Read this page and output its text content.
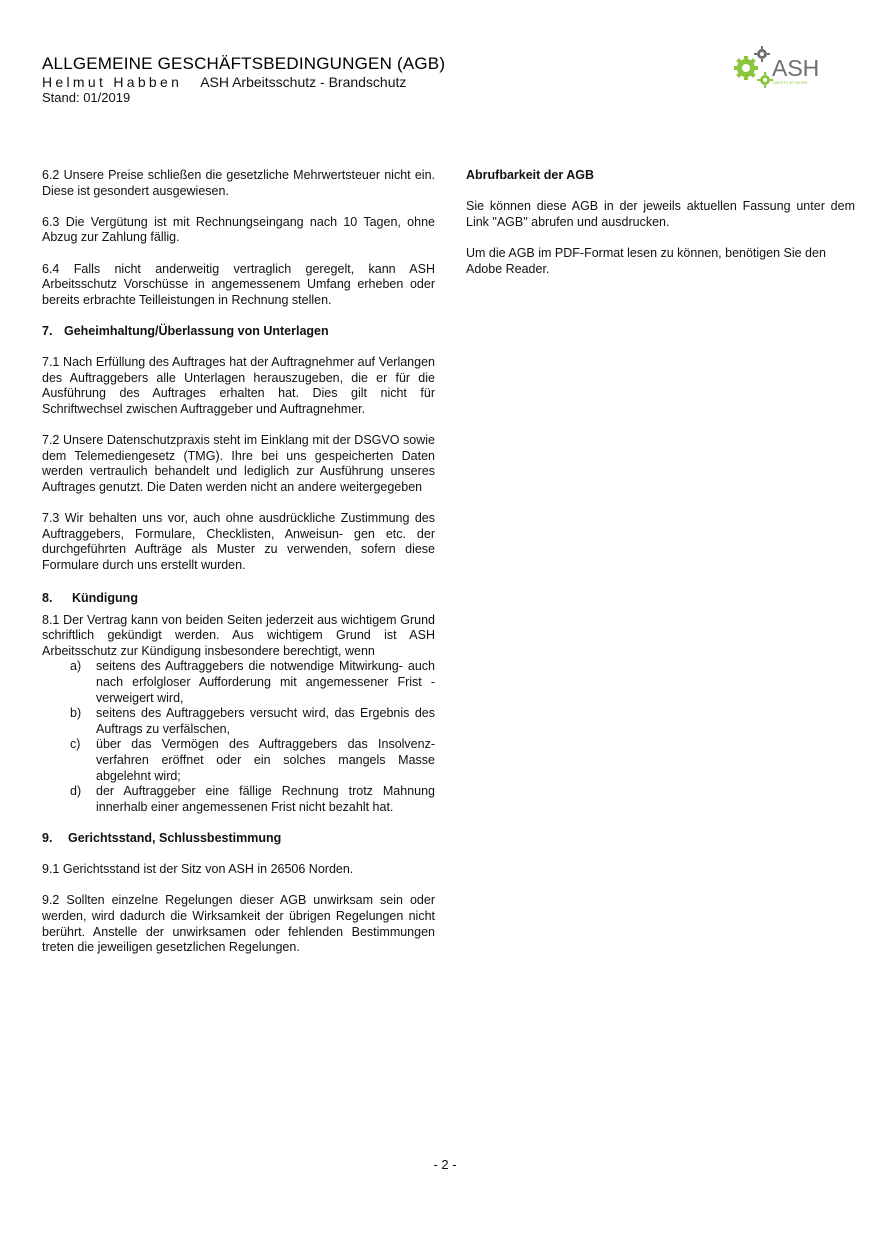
ALLGEMEINE GESCHÄFTSBEDINGUNGEN (AGB)

Helmut Habben ASH Arbeitsschutz - Brandschutz

Stand: 01/2019

ASH
SAFETY AT WORK

6.2 Unsere Preise schließen die gesetzliche Mehrwertsteuer nicht ein. Diese ist gesondert ausgewiesen.

6.3 Die Vergütung ist mit Rechnungseingang nach 10 Tagen, ohne Abzug zur Zahlung fällig.

6.4 Falls nicht anderweitig vertraglich geregelt, kann ASH Arbeitsschutz Vorschüsse in angemessenem Umfang erheben oder bereits erbrachte Teilleistungen in Rechnung stellen.

7. Geheimhaltung/Überlassung von Unterlagen

7.1 Nach Erfüllung des Auftrages hat der Auftragnehmer auf Verlangen des Auftraggebers alle Unterlagen herauszugeben, die er für die Ausführung des Auftrages erhalten hat. Dies gilt nicht für Schriftwechsel zwischen Auftraggeber und Auftragnehmer.

7.2 Unsere Datenschutzpraxis steht im Einklang mit der DSGVO sowie dem Telemediengesetz (TMG). Ihre bei uns gespeicherten Daten werden vertraulich behandelt und lediglich zur Ausführung unseres Auftrages genutzt. Die Daten werden nicht an andere weitergegeben

7.3 Wir behalten uns vor, auch ohne ausdrückliche Zustimmung des Auftraggebers, Formulare, Checklisten, Anweisun- gen etc. der durchgeführten Aufträge als Muster zu verwenden, sofern diese Formulare durch uns erstellt wurden.

8. Kündigung

8.1 Der Vertrag kann von beiden Seiten jederzeit aus wichtigem Grund schriftlich gekündigt werden. Aus wichtigem Grund ist ASH Arbeitsschutz zur Kündigung insbesondere berechtigt, wenn

a)	seitens des Auftraggebers die notwendige Mitwirkung- auch nach erfolgloser Aufforderung mit angemessener Frist - verweigert wird,
b)	seitens des Auftraggebers versucht wird, das Ergebnis des Auftrags zu verfälschen,
c)	über das Vermögen des Auftraggebers das Insolvenz- verfahren eröffnet oder ein solches mangels Masse abgelehnt wird;
d)	der Auftraggeber eine fällige Rechnung trotz Mahnung innerhalb einer angemessenen Frist nicht bezahlt hat.

9. Gerichtsstand, Schlussbestimmung

9.1 Gerichtsstand ist der Sitz von ASH in 26506 Norden.

9.2 Sollten einzelne Regelungen dieser AGB unwirksam sein oder werden, wird dadurch die Wirksamkeit der übrigen Regelungen nicht berührt. Anstelle der unwirksamen oder fehlenden Bestimmungen treten die jeweiligen gesetzlichen Regelungen.

Abrufbarkeit der AGB

Sie können diese AGB in der jeweils aktuellen Fassung unter dem Link "AGB" abrufen und ausdrucken.

Um die AGB im PDF-Format lesen zu können, benötigen Sie den Adobe Reader.

- 2 -
